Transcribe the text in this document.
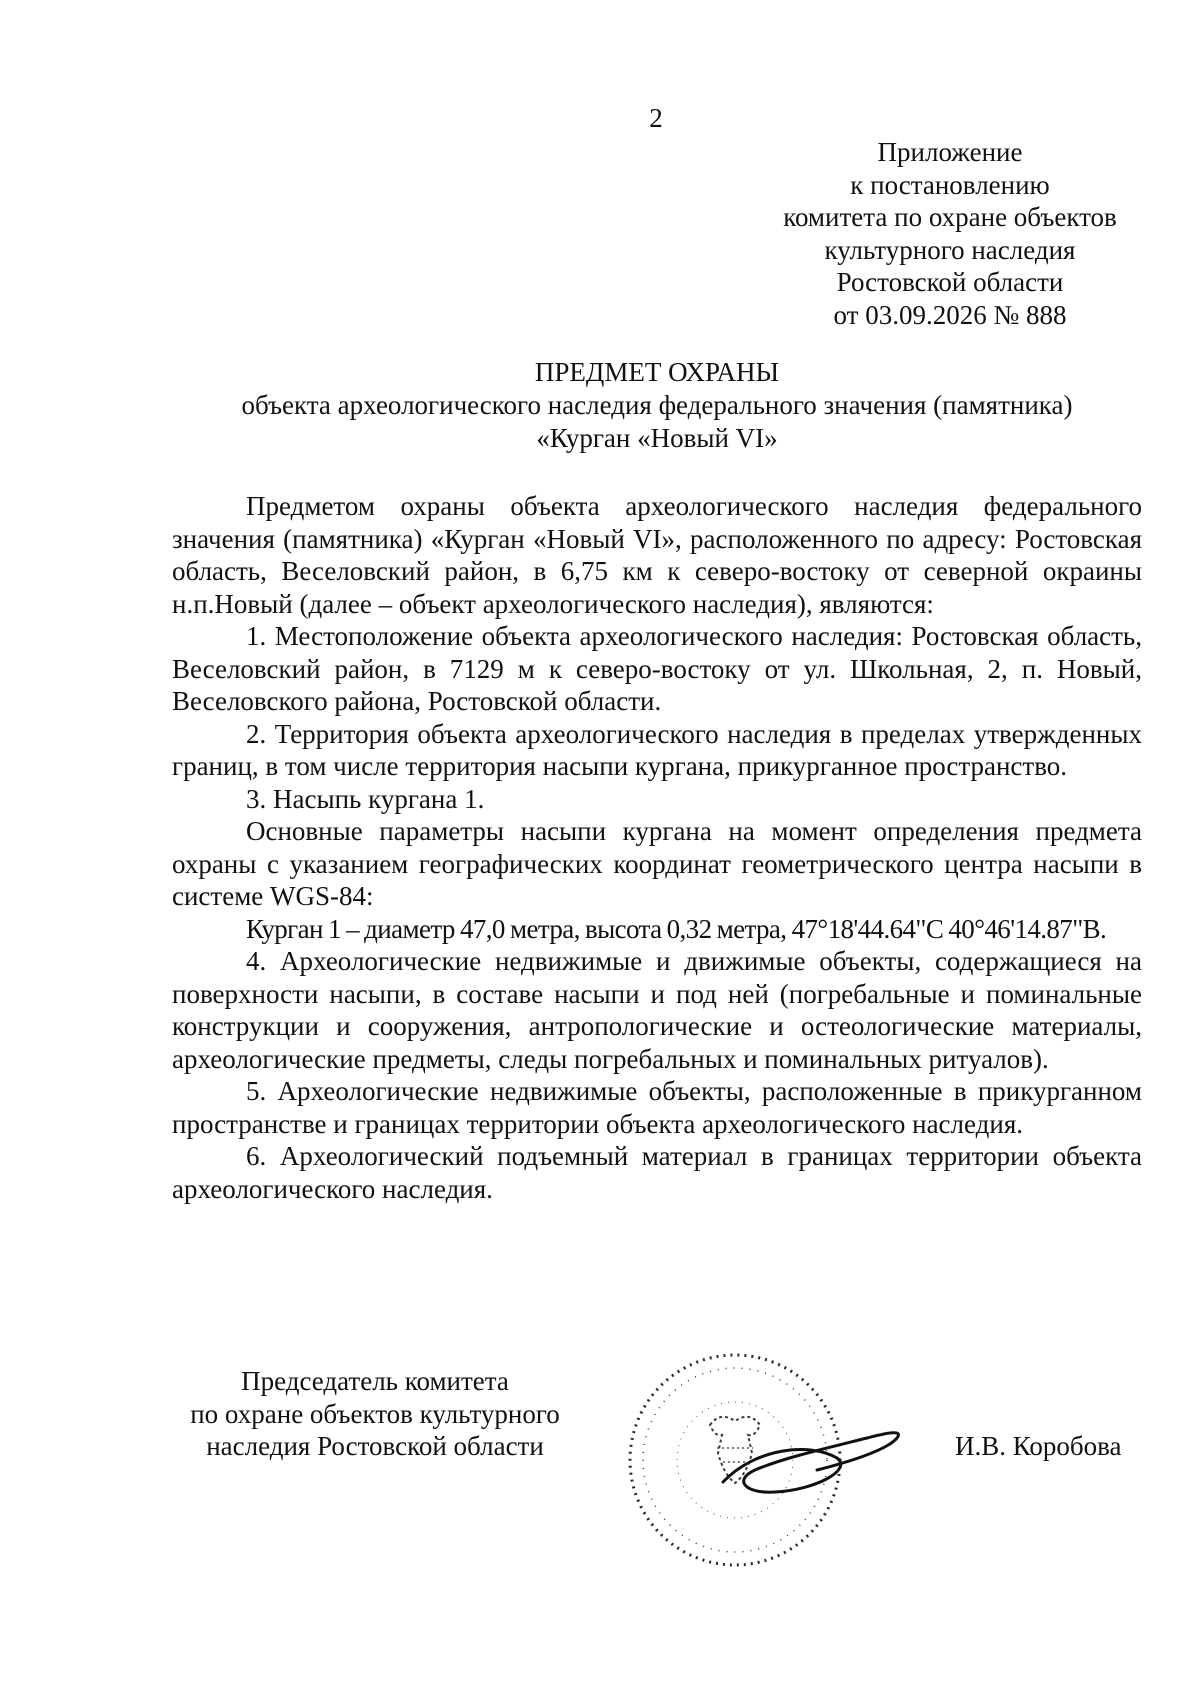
2
Приложение
к постановлению
комитета по охране объектов
культурного наследия
Ростовской области
от 03.09.2026 № 888
ПРЕДМЕТ ОХРАНЫ
объекта археологического наследия федерального значения (памятника)
«Курган «Новый VI»

Предметом охраны объекта археологического наследия федерального значения (памятника) «Курган «Новый VI», расположенного по адресу: Ростовская область, Веселовский район, в 6,75 км к северо-востоку от северной окраины н.п.Новый (далее – объект археологического наследия), являются:

1. Местоположение объекта археологического наследия: Ростовская область, Веселовский район, в 7129 м к северо-востоку от ул. Школьная, 2, п. Новый, Веселовского района, Ростовской области.

2. Территория объекта археологического наследия в пределах утвержденных границ, в том числе территория насыпи кургана, прикурганное пространство.

3. Насыпь кургана 1.

Основные параметры насыпи кургана на момент определения предмета охраны с указанием географических координат геометрического центра насыпи в системе WGS-84:

Курган 1 – диаметр 47,0 метра, высота 0,32 метра, 47°18'44.64"С 40°46'14.87"В.

4. Археологические недвижимые и движимые объекты, содержащиеся на поверхности насыпи, в составе насыпи и под ней (погребальные и поминальные конструкции и сооружения, антропологические и остеологические материалы, археологические предметы, следы погребальных и поминальных ритуалов).

5. Археологические недвижимые объекты, расположенные в прикурганном пространстве и границах территории объекта археологического наследия.

6. Археологический подъемный материал в границах территории объекта археологического наследия.

Председатель комитета
по охране объектов культурного
наследия Ростовской области	И.В. Коробова
